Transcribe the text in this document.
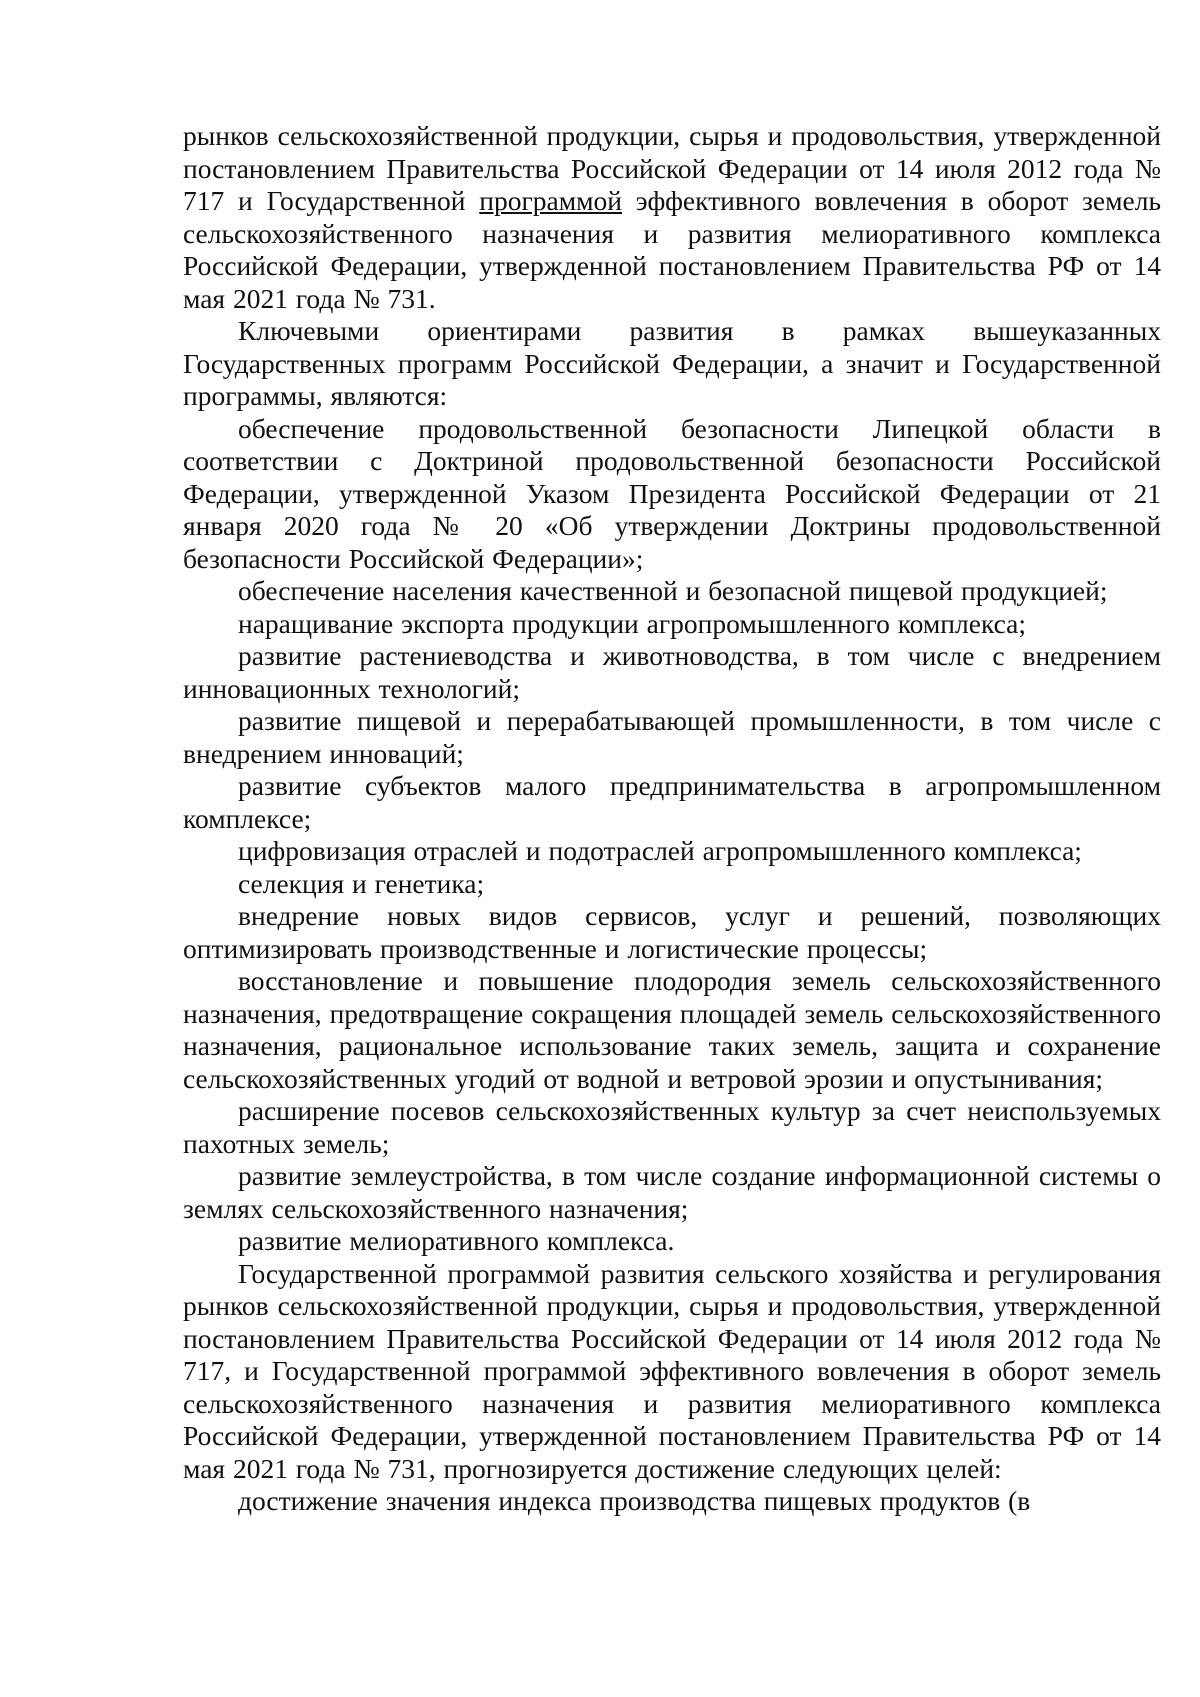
рынков сельскохозяйственной продукции, сырья и продовольствия, утвержденной постановлением Правительства Российской Федерации от 14 июля 2012 года № 717 и Государственной программой эффективного вовлечения в оборот земель сельскохозяйственного назначения и развития мелиоративного комплекса Российской Федерации, утвержденной постановлением Правительства РФ от 14 мая 2021 года № 731.

Ключевыми ориентирами развития в рамках вышеуказанных Государственных программ Российской Федерации, а значит и Государственной программы, являются:

обеспечение продовольственной безопасности Липецкой области в соответствии с Доктриной продовольственной безопасности Российской Федерации, утвержденной Указом Президента Российской Федерации от 21 января 2020 года № 20 «Об утверждении Доктрины продовольственной безопасности Российской Федерации»;

обеспечение населения качественной и безопасной пищевой продукцией;

наращивание экспорта продукции агропромышленного комплекса;

развитие растениеводства и животноводства, в том числе с внедрением инновационных технологий;

развитие пищевой и перерабатывающей промышленности, в том числе с внедрением инноваций;

развитие субъектов малого предпринимательства в агропромышленном комплексе;

цифровизация отраслей и подотраслей агропромышленного комплекса;

селекция и генетика;

внедрение новых видов сервисов, услуг и решений, позволяющих оптимизировать производственные и логистические процессы;

восстановление и повышение плодородия земель сельскохозяйственного назначения, предотвращение сокращения площадей земель сельскохозяйственного назначения, рациональное использование таких земель, защита и сохранение сельскохозяйственных угодий от водной и ветровой эрозии и опустынивания;

расширение посевов сельскохозяйственных культур за счет неиспользуемых пахотных земель;

развитие землеустройства, в том числе создание информационной системы о землях сельскохозяйственного назначения;

развитие мелиоративного комплекса.

Государственной программой развития сельского хозяйства и регулирования рынков сельскохозяйственной продукции, сырья и продовольствия, утвержденной постановлением Правительства Российской Федерации от 14 июля 2012 года № 717, и Государственной программой эффективного вовлечения в оборот земель сельскохозяйственного назначения и развития мелиоративного комплекса Российской Федерации, утвержденной постановлением Правительства РФ от 14 мая 2021 года № 731, прогнозируется достижение следующих целей:

достижение значения индекса производства пищевых продуктов (в
